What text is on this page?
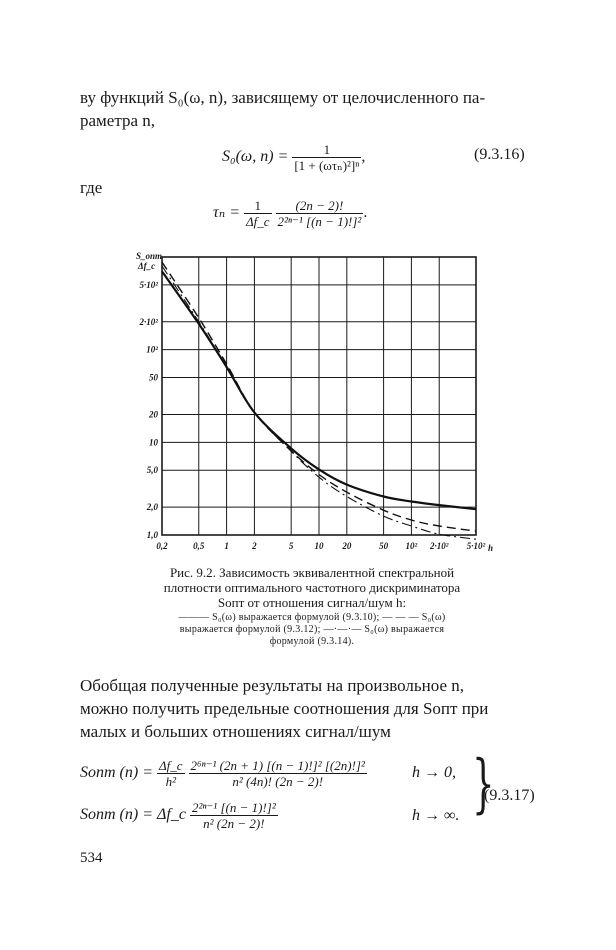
ву функций S₀(ω, n), зависящему от целочисленного па-
раметра n,
S₀(ω, $n) = \frac{1}{\text{[1 + (ωτₙ)²]ⁿ}}$ ,	(9.3.16)
где
$\tau_n = \frac{1}{\Delta f\_c}$
$\frac{(2n - 2)!}{\text{2²ⁿ⁻¹ [(n − 1)!]²}}$ .
0,2	0,5 1	2	5 10 20	50 10² 2·10² 5·10²
5·10²
2·10²
10²
50
20
10
5,0
2,0
1,0
S_опт
Δf_c
h
Рис. 9.2. Зависимость эквивалентной спектральной
плотности оптимального частотного дискриминатора
Sопт от отношения сигнал/шум h:
——— S₀(ω) выражается формулой (9.3.10); — — — S₀(ω)
выражается формулой (9.3.12); —·—·— S₀(ω) выражается
формулой (9.3.14).
Обобщая полученные результаты на произвольное n,
можно получить предельные соотношения для Sопт при
малых и больших отношениях сигнал/шум
Sопт $(n) = \frac{\Delta f\_c}{\text{h²}}$
$\frac{\text{2⁶ⁿ⁻¹ (2n + 1) [(n − 1)!]² [(2n)!]²}}{\text{n² (4n)! (2n − 2)!}}$	h → 0,
Sопт (n) = Δf_c $\frac{\text{2²ⁿ⁻¹ [(n − 1)!]²}}{\text{n² (2n − 2)!}}$	h → ∞. }
(9.3.17)
534
